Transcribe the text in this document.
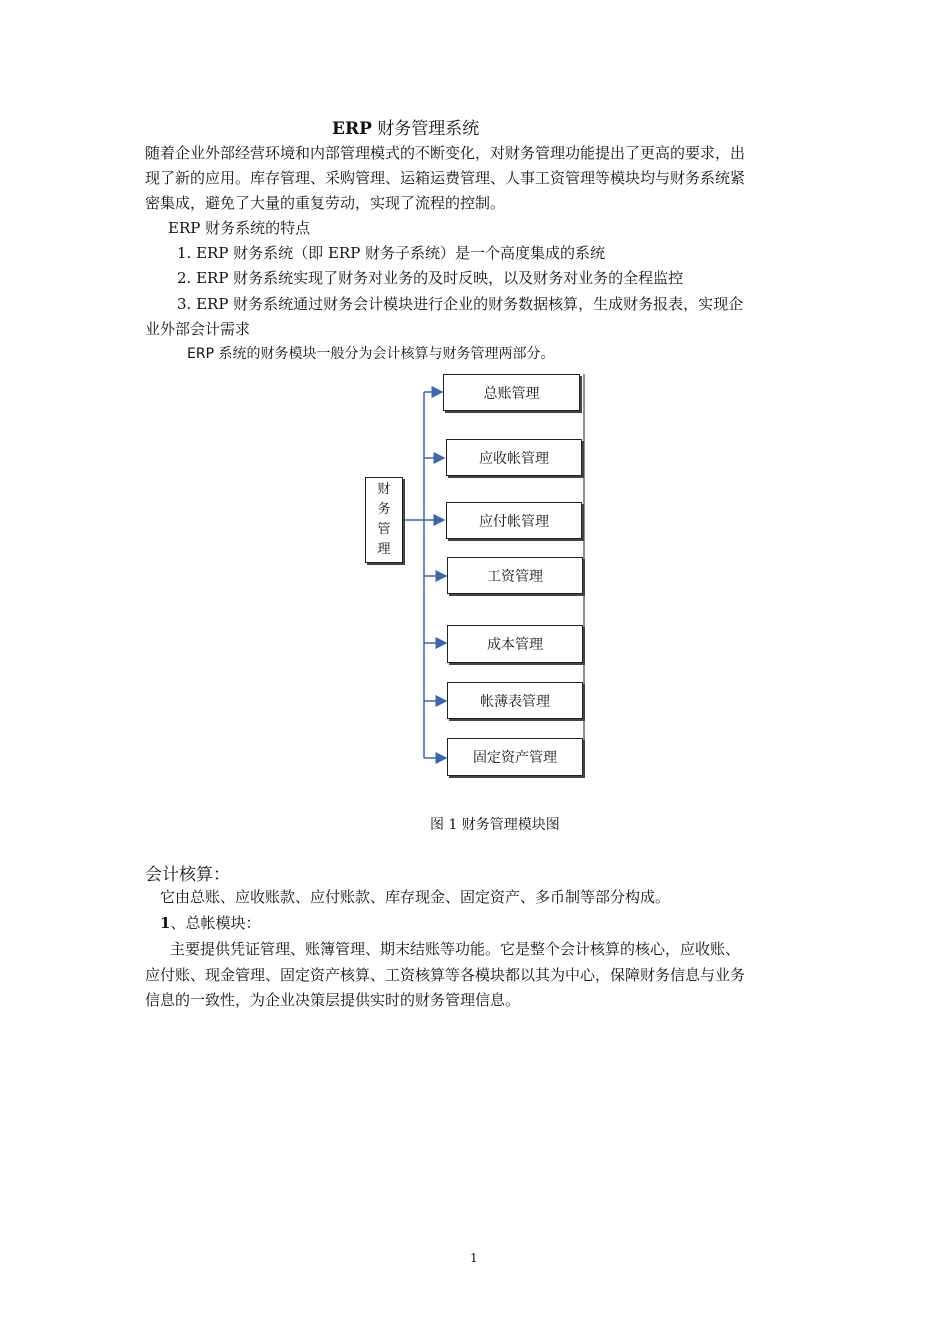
ERP 财务管理系统
随着企业外部经营环境和内部管理模式的不断变化，对财务管理功能提出了更高的要求，出
现了新的应用。库存管理、采购管理、运箱运费管理、人事工资管理等模块均与财务系统紧
密集成，避免了大量的重复劳动，实现了流程的控制。
ERP 财务系统的特点
1. ERP 财务系统（即 ERP 财务子系统）是一个高度集成的系统
2. ERP 财务系统实现了财务对业务的及时反映，以及财务对业务的全程监控
3. ERP 财务系统通过财务会计模块进行企业的财务数据核算，生成财务报表，实现企
业外部会计需求
ERP 系统的财务模块一般分为会计核算与财务管理两部分。
财
务
管
理
总账管理
应收帐管理
应付帐管理
工资管理
成本管理
帐薄表管理
固定资产管理
图 1 财务管理模块图
会计核算：
它由总账、应收账款、应付账款、库存现金、固定资产、多币制等部分构成。
1、总帐模块：
主要提供凭证管理、账簿管理、期末结账等功能。它是整个会计核算的核心，应收账、
应付账、现金管理、固定资产核算、工资核算等各模块都以其为中心，保障财务信息与业务
信息的一致性，为企业决策层提供实时的财务管理信息。
1
